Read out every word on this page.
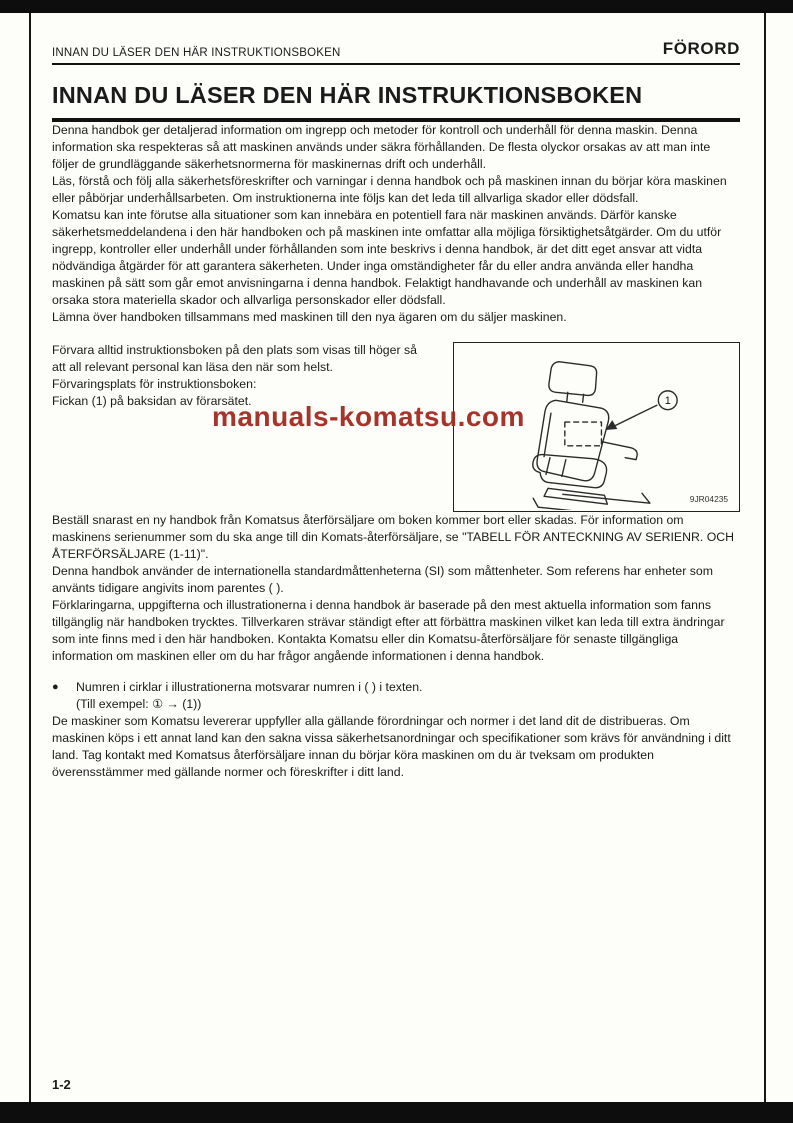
INNAN DU LÄSER DEN HÄR INSTRUKTIONSBOKEN	FÖRORD
INNAN DU LÄSER DEN HÄR INSTRUKTIONSBOKEN

Denna handbok ger detaljerad information om ingrepp och metoder för kontroll och underhåll för denna maskin. Denna information ska respekteras så att maskinen används under säkra förhållanden. De flesta olyckor orsakas av att man inte följer de grundläggande säkerhetsnormerna för maskinernas drift och underhåll.

Läs, förstå och följ alla säkerhetsföreskrifter och varningar i denna handbok och på maskinen innan du börjar köra maskinen eller påbörjar underhållsarbeten. Om instruktionerna inte följs kan det leda till allvarliga skador eller dödsfall.

Komatsu kan inte förutse alla situationer som kan innebära en potentiell fara när maskinen används. Därför kanske säkerhetsmeddelandena i den här handboken och på maskinen inte omfattar alla möjliga försiktighetsåtgärder. Om du utför ingrepp, kontroller eller underhåll under förhållanden som inte beskrivs i denna handbok, är det ditt eget ansvar att vidta nödvändiga åtgärder för att garantera säkerheten. Under inga omständigheter får du eller andra använda eller handha maskinen på sätt som går emot anvisningarna i denna handbok. Felaktigt handhavande och underhåll av maskinen kan orsaka stora materiella skador och allvarliga personskador eller dödsfall.

Lämna över handboken tillsammans med maskinen till den nya ägaren om du säljer maskinen.

Förvara alltid instruktionsboken på den plats som visas till höger så att all relevant personal kan läsa den när som helst.

Förvaringsplats för instruktionsboken:

Fickan (1) på baksidan av förarsätet.	1
9JR04235

Beställ snarast en ny handbok från Komatsus återförsäljare om boken kommer bort eller skadas. För information om maskinens serienummer som du ska ange till din Komats-återförsäljare, se "TABELL FÖR ANTECKNING AV SERIENR. OCH ÅTERFÖRSÄLJARE (1-11)".

Denna handbok använder de internationella standardmåttenheterna (SI) som måttenheter. Som referens har enheter som använts tidigare angivits inom parentes ( ).

Förklaringarna, uppgifterna och illustrationerna i denna handbok är baserade på den mest aktuella information som fanns tillgänglig när handboken trycktes. Tillverkaren strävar ständigt efter att förbättra maskinen vilket kan leda till extra ändringar som inte finns med i den här handboken. Kontakta Komatsu eller din Komatsu-återförsäljare för senaste tillgängliga information om maskinen eller om du har frågor angående informationen i denna handbok.

●	Numren i cirklar i illustrationerna motsvarar numren i ( ) i texten.

(Till exempel: ① → (1))

De maskiner som Komatsu levererar uppfyller alla gällande förordningar och normer i det land dit de distribueras. Om maskinen köps i ett annat land kan den sakna vissa säkerhetsanordningar och specifikationer som krävs för användning i ditt land. Tag kontakt med Komatsus återförsäljare innan du börjar köra maskinen om du är tveksam om produkten överensstämmer med gällande normer och föreskrifter i ditt land.

manuals-komatsu.com
1-2
